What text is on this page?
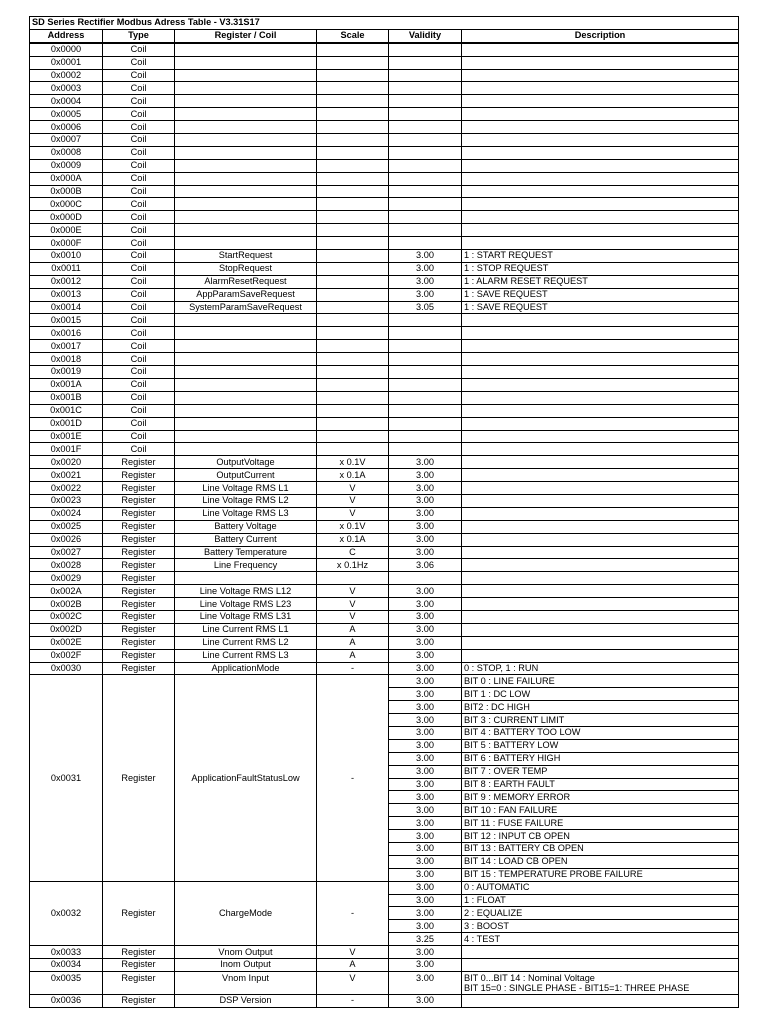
SD Series Rectifier Modbus Adress Table - V3.31S17					
Address	Type	Register / Coil	Scale	Validity	Description
0x0000	Coil				
0x0001	Coil				
0x0002	Coil				
0x0003	Coil				
0x0004	Coil				
0x0005	Coil				
0x0006	Coil				
0x0007	Coil				
0x0008	Coil				
0x0009	Coil				
0x000A	Coil				
0x000B	Coil				
0x000C	Coil				
0x000D	Coil				
0x000E	Coil				
0x000F	Coil				
0x0010	Coil	StartRequest		3.00	1 : START REQUEST
0x0011	Coil	StopRequest		3.00	1 : STOP REQUEST
0x0012	Coil	AlarmResetRequest		3.00	1 : ALARM RESET REQUEST
0x0013	Coil	AppParamSaveRequest		3.00	1 : SAVE REQUEST
0x0014	Coil	SystemParamSaveRequest		3.05	1 : SAVE REQUEST
0x0015	Coil				
0x0016	Coil				
0x0017	Coil				
0x0018	Coil				
0x0019	Coil				
0x001A	Coil				
0x001B	Coil				
0x001C	Coil				
0x001D	Coil				
0x001E	Coil				
0x001F	Coil				
0x0020	Register	OutputVoltage	x 0.1V	3.00	
0x0021	Register	OutputCurrent	x 0.1A	3.00	
0x0022	Register	Line Voltage RMS L1	V	3.00	
0x0023	Register	Line Voltage RMS L2	V	3.00	
0x0024	Register	Line Voltage RMS L3	V	3.00	
0x0025	Register	Battery Voltage	x 0.1V	3.00	
0x0026	Register	Battery Current	x 0.1A	3.00	
0x0027	Register	Battery Temperature	C	3.00	
0x0028	Register	Line Frequency	x 0.1Hz	3.06	
0x0029	Register				
0x002A	Register	Line Voltage RMS L12	V	3.00	
0x002B	Register	Line Voltage RMS L23	V	3.00	
0x002C	Register	Line Voltage RMS L31	V	3.00	
0x002D	Register	Line Current RMS L1	A	3.00	
0x002E	Register	Line Current RMS L2	A	3.00	
0x002F	Register	Line Current RMS L3	A	3.00	
0x0030	Register	ApplicationMode	-	3.00	0 : STOP, 1 : RUN
0x0031	Register	ApplicationFaultStatusLow	-	3.00	BIT 0 : LINE FAILURE
				3.00	BIT 1 : DC LOW
				3.00	BIT2 : DC HIGH
				3.00	BIT 3 : CURRENT LIMIT
				3.00	BIT 4 : BATTERY TOO LOW
				3.00	BIT 5 : BATTERY LOW
				3.00	BIT 6 : BATTERY HIGH
				3.00	BIT 7 : OVER TEMP
				3.00	BIT 8 : EARTH FAULT
				3.00	BIT 9 : MEMORY ERROR
				3.00	BIT 10 : FAN FAILURE
				3.00	BIT 11 : FUSE FAILURE
				3.00	BIT 12 : INPUT CB OPEN
				3.00	BIT 13 : BATTERY CB OPEN
				3.00	BIT 14 : LOAD CB OPEN
				3.00	BIT 15 : TEMPERATURE PROBE FAILURE
0x0032	Register	ChargeMode	-	3.00	0 : AUTOMATIC
				3.00	1 : FLOAT
				3.00	2 : EQUALIZE
				3.00	3 : BOOST
				3.25	4 : TEST
0x0033	Register	Vnom Output	V	3.00	
0x0034	Register	Inom Output	A	3.00	
0x0035	Register	Vnom Input	V	3.00	BIT 0...BIT 14 : Nominal Voltage
BIT 15=0 : SINGLE PHASE - BIT15=1: THREE PHASE

0x0036	Register	DSP Version	-	3.00	
